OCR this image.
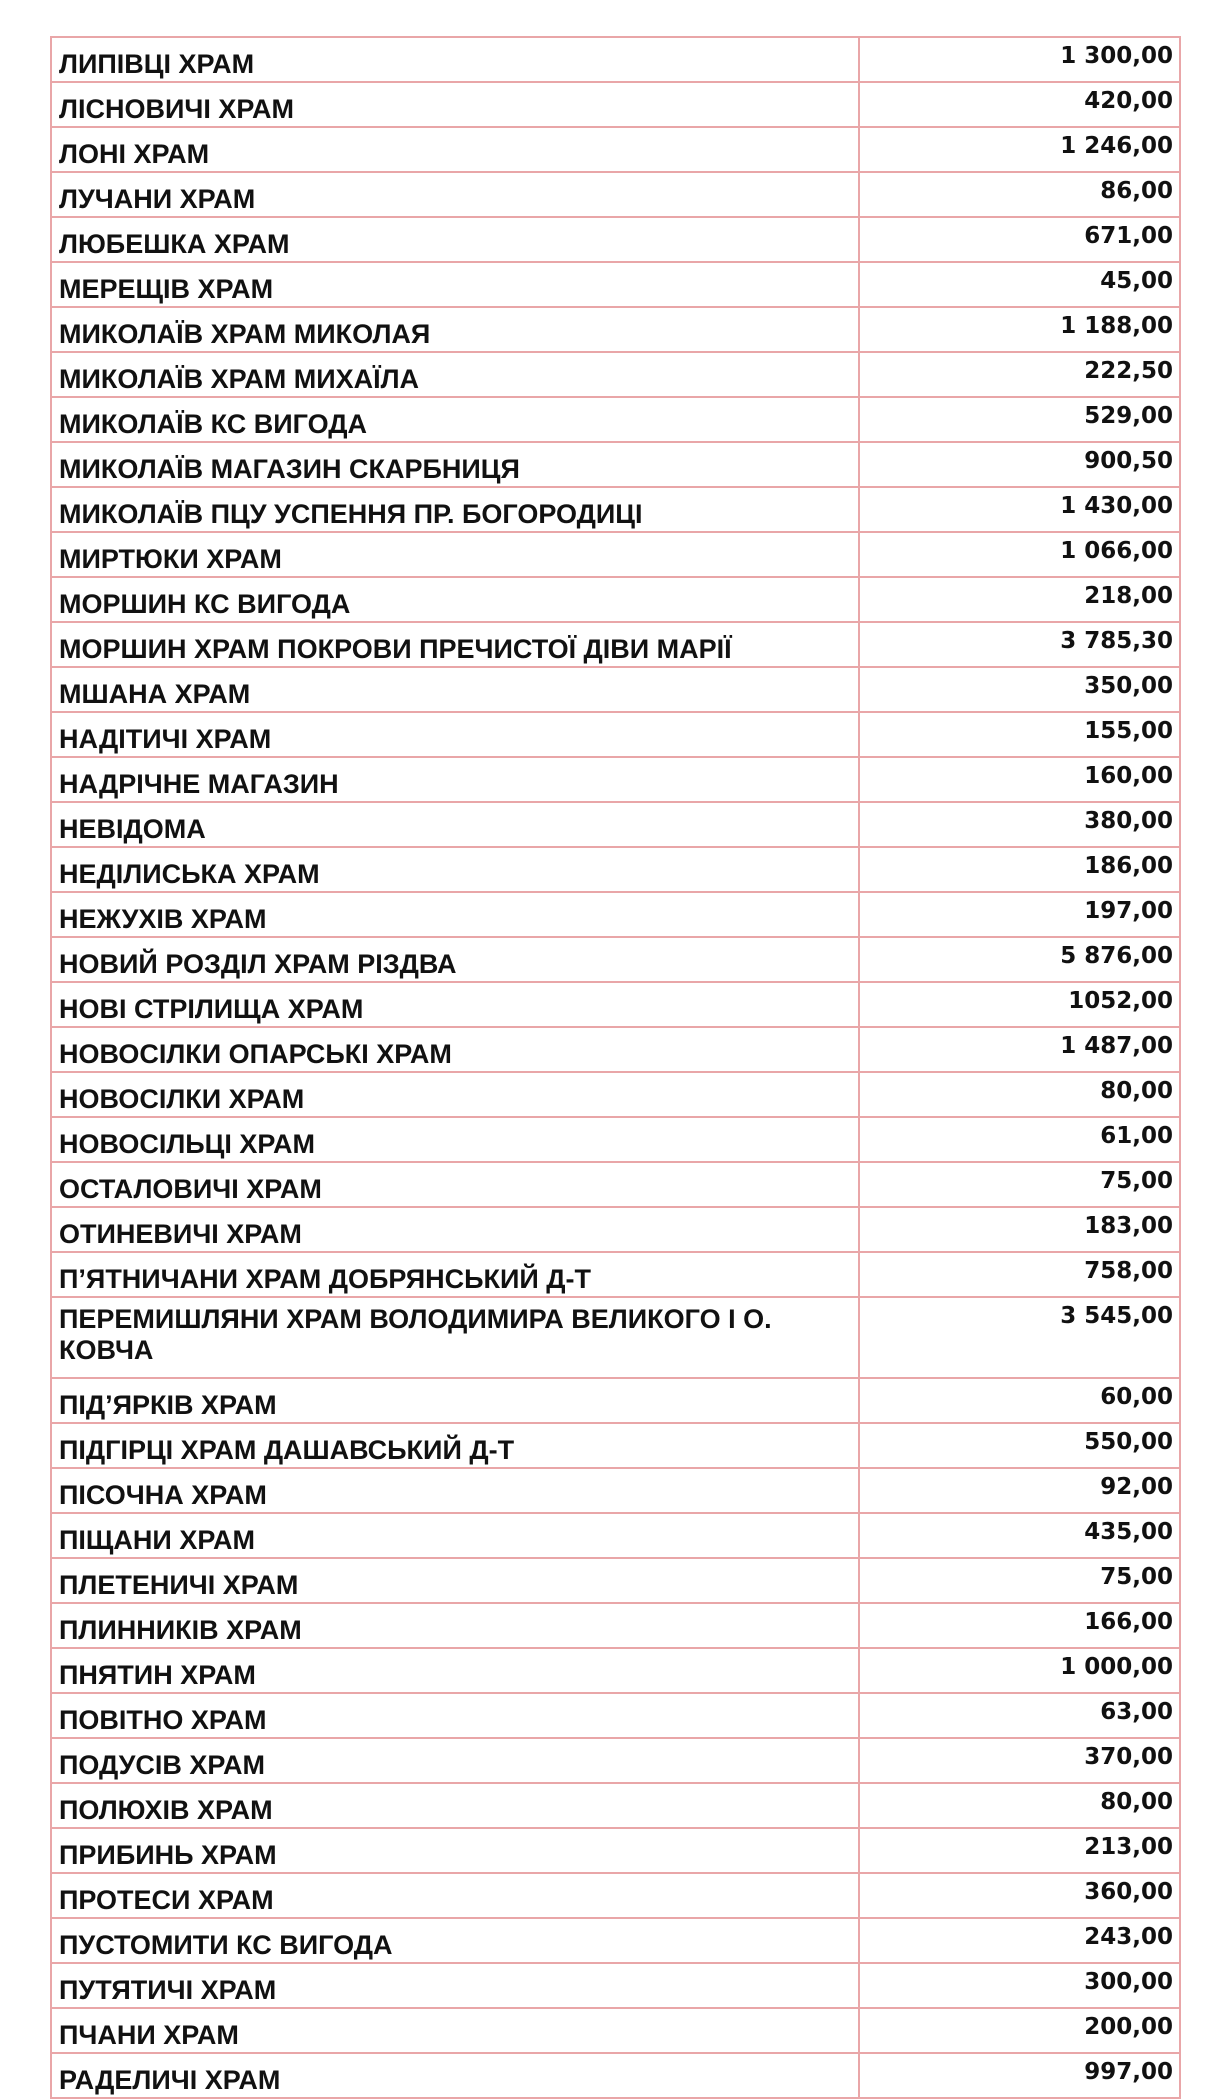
ЛИПІВЦІ ХРАМ	1 300,00
ЛІСНОВИЧІ ХРАМ	420,00
ЛОНІ ХРАМ	1 246,00
ЛУЧАНИ ХРАМ	86,00
ЛЮБЕШКА ХРАМ	671,00
МЕРЕЩІВ ХРАМ	45,00
МИКОЛАЇВ ХРАМ МИКОЛАЯ	1 188,00
МИКОЛАЇВ ХРАМ МИХАЇЛА	222,50
МИКОЛАЇВ КС ВИГОДА	529,00
МИКОЛАЇВ МАГАЗИН СКАРБНИЦЯ	900,50
МИКОЛАЇВ ПЦУ УСПЕННЯ ПР. БОГОРОДИЦІ	1 430,00
МИРТЮКИ ХРАМ	1 066,00
МОРШИН КС ВИГОДА	218,00
МОРШИН ХРАМ ПОКРОВИ ПРЕЧИСТОЇ ДІВИ МАРІЇ	3 785,30
МШАНА ХРАМ	350,00
НАДІТИЧІ ХРАМ	155,00
НАДРІЧНЕ МАГАЗИН	160,00
НЕВІДОМА	380,00
НЕДІЛИСЬКА ХРАМ	186,00
НЕЖУХІВ ХРАМ	197,00
НОВИЙ РОЗДІЛ ХРАМ РІЗДВА	5 876,00
НОВІ СТРІЛИЩА ХРАМ	1052,00
НОВОСІЛКИ ОПАРСЬКІ ХРАМ	1 487,00
НОВОСІЛКИ ХРАМ	80,00
НОВОСІЛЬЦІ ХРАМ	61,00
ОСТАЛОВИЧІ ХРАМ	75,00
ОТИНЕВИЧІ ХРАМ	183,00
П’ЯТНИЧАНИ ХРАМ ДОБРЯНСЬКИЙ Д-Т	758,00
ПЕРЕМИШЛЯНИ ХРАМ ВОЛОДИМИРА ВЕЛИКОГО І О. КОВЧА	3 545,00
ПІД’ЯРКІВ ХРАМ	60,00
ПІДГІРЦІ ХРАМ ДАШАВСЬКИЙ Д-Т	550,00
ПІСОЧНА ХРАМ	92,00
ПІЩАНИ ХРАМ	435,00
ПЛЕТЕНИЧІ ХРАМ	75,00
ПЛИННИКІВ ХРАМ	166,00
ПНЯТИН ХРАМ	1 000,00
ПОВІТНО ХРАМ	63,00
ПОДУСІВ ХРАМ	370,00
ПОЛЮХІВ ХРАМ	80,00
ПРИБИНЬ ХРАМ	213,00
ПРОТЕСИ ХРАМ	360,00
ПУСТОМИТИ КС ВИГОДА	243,00
ПУТЯТИЧІ ХРАМ	300,00
ПЧАНИ ХРАМ	200,00
РАДЕЛИЧІ ХРАМ	997,00
